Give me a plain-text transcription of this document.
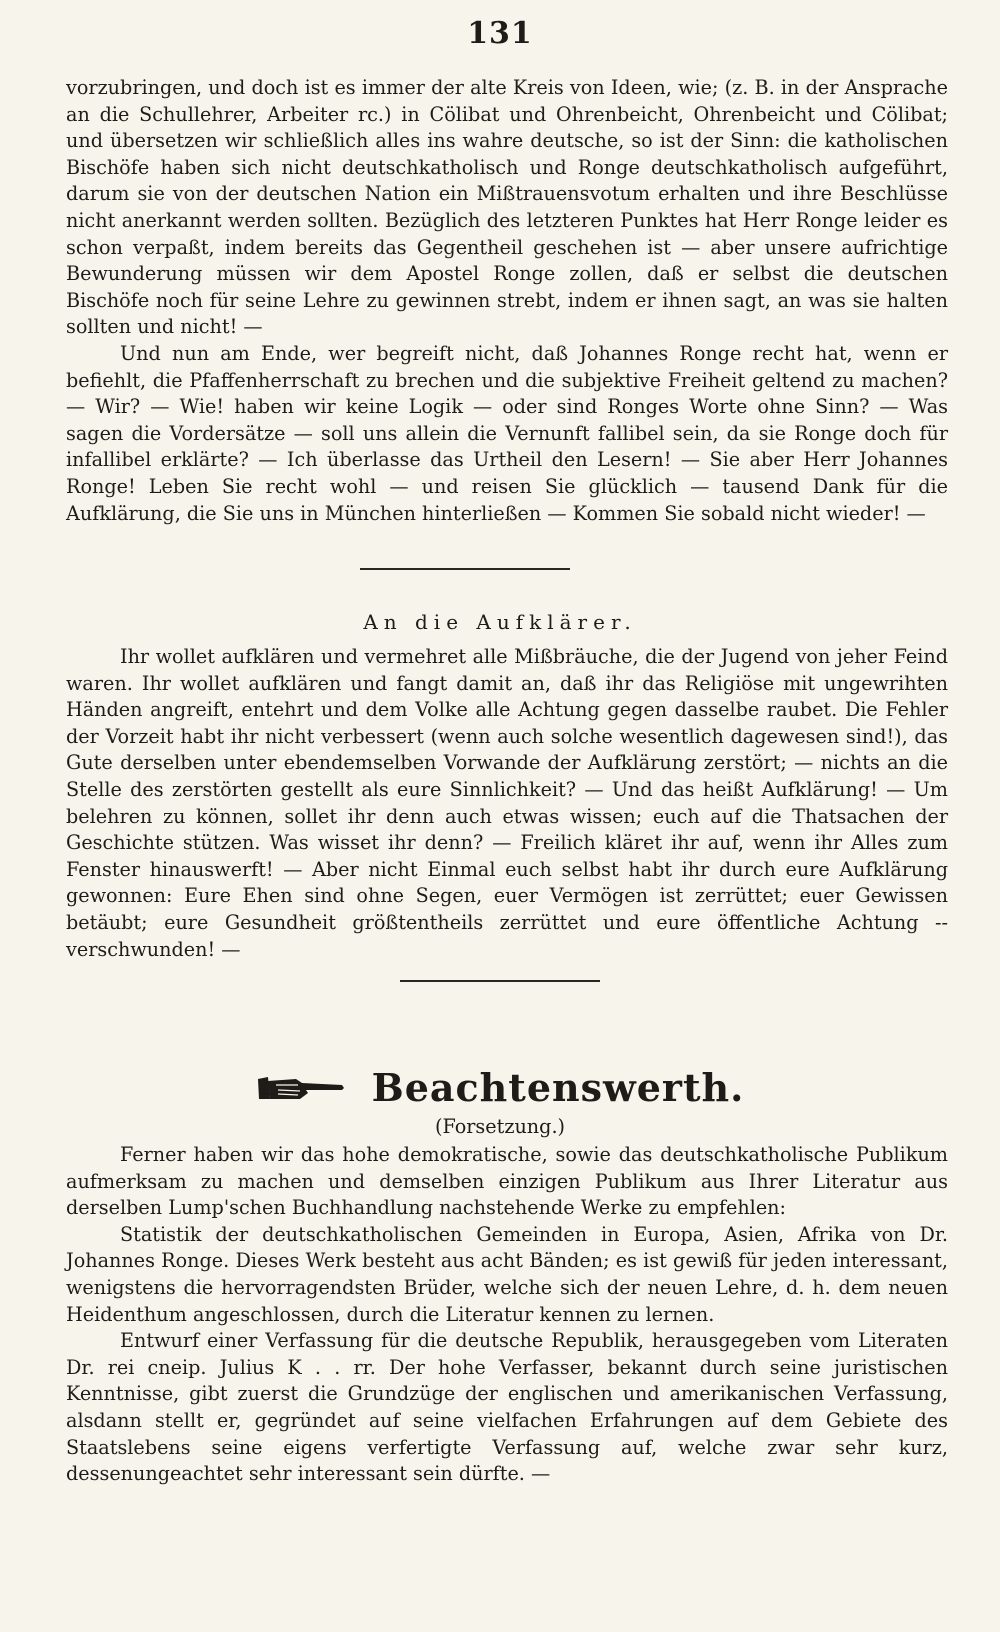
131

vorzubringen, und doch ist es immer der alte Kreis von Ideen, wie; (z. B. in der Ansprache an die Schullehrer, Arbeiter rc.) in Cölibat und Ohrenbeicht, Ohrenbeicht und Cölibat; und übersetzen wir schließlich alles ins wahre deutsche, so ist der Sinn: die katholischen Bischöfe haben sich nicht deutschkatholisch und Ronge deutschkatholisch aufgeführt, darum sie von der deutschen Nation ein Mißtrauensvotum erhalten und ihre Beschlüsse nicht anerkannt werden sollten. Bezüglich des letzteren Punktes hat Herr Ronge leider es schon verpaßt, indem bereits das Gegentheil geschehen ist — aber unsere aufrichtige Bewunderung müssen wir dem Apostel Ronge zollen, daß er selbst die deutschen Bischöfe noch für seine Lehre zu gewinnen strebt, indem er ihnen sagt, an was sie halten sollten und nicht! —

Und nun am Ende, wer begreift nicht, daß Johannes Ronge recht hat, wenn er befiehlt, die Pfaffenherrschaft zu brechen und die subjektive Freiheit geltend zu machen? — Wir? — Wie! haben wir keine Logik — oder sind Ronges Worte ohne Sinn? — Was sagen die Vordersätze — soll uns allein die Vernunft fallibel sein, da sie Ronge doch für infallibel erklärte? — Ich überlasse das Urtheil den Lesern! — Sie aber Herr Johannes Ronge! Leben Sie recht wohl — und reisen Sie glücklich — tausend Dank für die Aufklärung, die Sie uns in München hinterließen — Kommen Sie sobald nicht wieder! —

An die Aufklärer.

Ihr wollet aufklären und vermehret alle Mißbräuche, die der Jugend von jeher Feind waren. Ihr wollet aufklären und fangt damit an, daß ihr das Religiöse mit ungewrihten Händen angreift, entehrt und dem Volke alle Achtung gegen dasselbe raubet. Die Fehler der Vorzeit habt ihr nicht verbessert (wenn auch solche wesentlich dagewesen sind!), das Gute derselben unter ebendemselben Vorwande der Aufklärung zerstört; — nichts an die Stelle des zerstörten gestellt als eure Sinnlichkeit? — Und das heißt Aufklärung! — Um belehren zu können, sollet ihr denn auch etwas wissen; euch auf die Thatsachen der Geschichte stützen. Was wisset ihr denn? — Freilich kläret ihr auf, wenn ihr Alles zum Fenster hinauswerft! — Aber nicht Einmal euch selbst habt ihr durch eure Aufklärung gewonnen: Eure Ehen sind ohne Segen, euer Vermögen ist zerrüttet; euer Gewissen betäubt; eure Gesundheit größtentheils zerrüttet und eure öffentliche Achtung -- verschwunden! —

Beachtenswerth.
(Forsetzung.)

Ferner haben wir das hohe demokratische, sowie das deutschkatholische Publikum aufmerksam zu machen und demselben einzigen Publikum aus Ihrer Literatur aus derselben Lump'schen Buchhandlung nachstehende Werke zu empfehlen:

Statistik der deutschkatholischen Gemeinden in Europa, Asien, Afrika von Dr. Johannes Ronge. Dieses Werk besteht aus acht Bänden; es ist gewiß für jeden interessant, wenigstens die hervorragendsten Brüder, welche sich der neuen Lehre, d. h. dem neuen Heidenthum angeschlossen, durch die Literatur kennen zu lernen.

Entwurf einer Verfassung für die deutsche Republik, herausgegeben vom Literaten Dr. rei cneip. Julius K . . rr. Der hohe Verfasser, bekannt durch seine juristischen Kenntnisse, gibt zuerst die Grundzüge der englischen und amerikanischen Verfassung, alsdann stellt er, gegründet auf seine vielfachen Erfahrungen auf dem Gebiete des Staatslebens seine eigens verfertigte Verfassung auf, welche zwar sehr kurz, dessenungeachtet sehr interessant sein dürfte. —
